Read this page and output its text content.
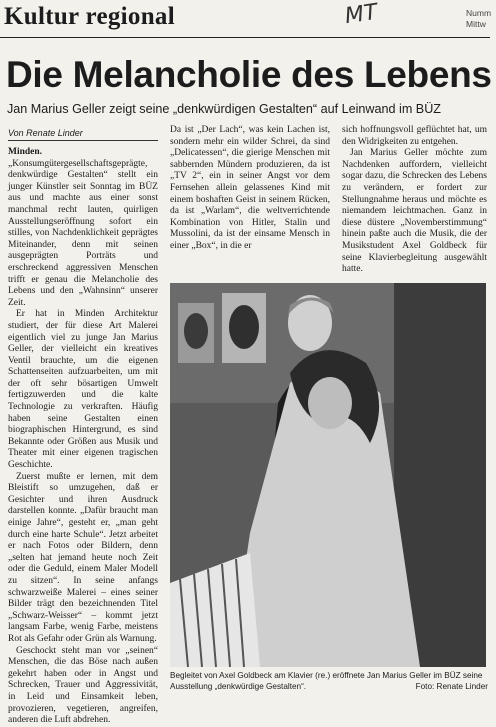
Kultur regional	MT	Numm
Mittw
Die Melancholie des Lebens
Jan Marius Geller zeigt seine „denkwürdigen Gestalten“ auf Leinwand im BÜZ
Von Renate Linder

Minden. „Konsumgütergesellschaftsgeprägte, denkwürdige Gestalten“ stellt ein junger Künstler seit Sonntag im BÜZ aus und machte aus einer sonst manchmal recht lauten, quirligen Ausstellungseröffnung sofort ein stilles, von Nachdenklichkeit geprägtes Miteinander, denn mit seinen ausgeprägten Porträts und erschreckend aggressiven Menschen trifft er genau die Melancholie des Lebens und den „Wahnsinn“ unserer Zeit.

Er hat in Minden Architektur studiert, der für diese Art Malerei eigentlich viel zu junge Jan Marius Geller, der vielleicht ein kreatives Ventil brauchte, um die eigenen Schattenseiten aufzuarbeiten, um mit der oft sehr bösartigen Umwelt fertigzuwerden und die kalte Technologie zu verkraften. Häufig haben seine Gestalten einen biographischen Hintergrund, es sind Bekannte oder Größen aus Musik und Theater mit einer eigenen tragischen Geschichte.

Zuerst mußte er lernen, mit dem Bleistift so umzugehen, daß er Gesichter und ihren Ausdruck darstellen konnte. „Dafür braucht man einige Jahre“, gesteht er, „man geht durch eine harte Schule“. Jetzt arbeitet er nach Fotos oder Bildern, denn „selten hat jemand heute noch Zeit oder die Geduld, einem Maler Modell zu sitzen“. In seine anfangs schwarzweiße Malerei – eines seiner Bilder trägt den bezeichnenden Titel „Schwarz-Weisser“ – kommt jetzt langsam Farbe, wenig Farbe, meistens Rot als Gefahr oder Grün als Warnung.

Geschockt steht man vor „seinen“ Menschen, die das Böse nach außen gekehrt haben oder in Angst und Schrecken, Trauer und Aggressivität, in Leid und Einsamkeit leben, provozieren, vegetieren, angreifen, anderen die Luft abdrehen.

Da ist „Der Lach“, was kein Lachen ist, sondern mehr ein wilder Schrei, da sind „Delicatessen“, die gierige Menschen mit sabbernden Mündern produzieren, da ist „TV 2“, ein in seiner Angst vor dem Fernsehen allein gelassenes Kind mit einem boshaften Geist in seinem Rücken, da ist „Warlam“, die weltverrichtende Kombination von Hitler, Stalin und Mussolini, da ist der einsame Mensch in einer „Box“, in die er

sich hoffnungsvoll geflüchtet hat, um den Widrigkeiten zu entgehen.

Jan Marius Geller möchte zum Nachdenken auffordern, vielleicht sogar dazu, die Schrecken des Lebens zu verändern, er fordert zur Stellungnahme heraus und möchte es niemandem leichtmachen. Ganz in diese düstere „Novemberstimmung“ hinein paßte auch die Musik, die der Musikstudent Axel Goldbeck für seine Klavierbegleitung ausgewählt hatte.

Begleitet von Axel Goldbeck am Klavier (re.) eröffnete Jan Marius Geller im BÜZ seine Ausstellung „denkwürdige Gestalten“.	Foto: Renate Linder
